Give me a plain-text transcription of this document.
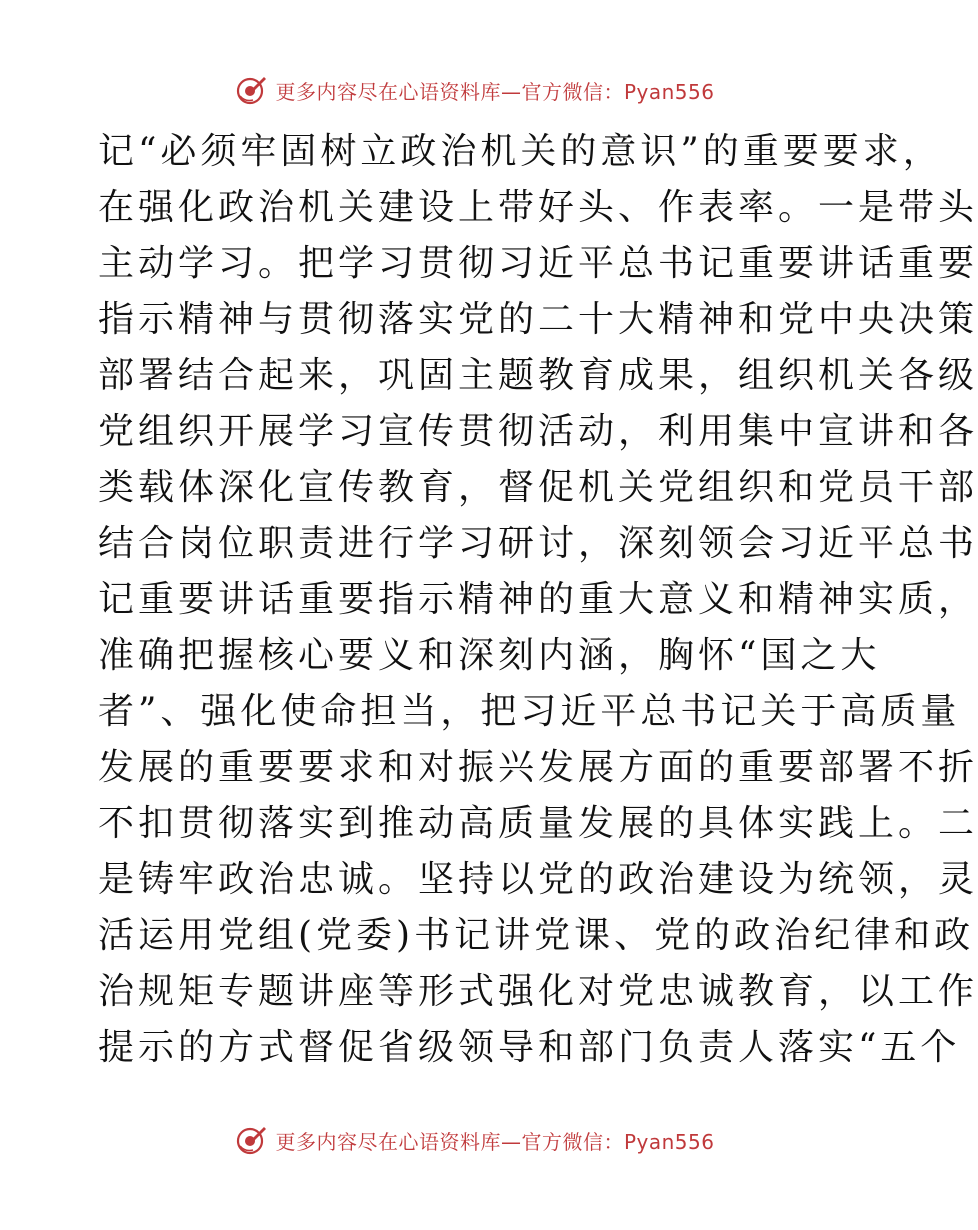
更多内容尽在心语资料库—官方微信：Pyan556
记“必须牢固树立政治机关的意识”的重要要求，
在强化政治机关建设上带好头、作表率。一是带头
主动学习。把学习贯彻习近平总书记重要讲话重要
指示精神与贯彻落实党的二十大精神和党中央决策
部署结合起来，巩固主题教育成果，组织机关各级
党组织开展学习宣传贯彻活动，利用集中宣讲和各
类载体深化宣传教育，督促机关党组织和党员干部
结合岗位职责进行学习研讨，深刻领会习近平总书
记重要讲话重要指示精神的重大意义和精神实质，
准确把握核心要义和深刻内涵，胸怀“国之大
者”、强化使命担当，把习近平总书记关于高质量
发展的重要要求和对振兴发展方面的重要部署不折
不扣贯彻落实到推动高质量发展的具体实践上。二
是铸牢政治忠诚。坚持以党的政治建设为统领，灵
活运用党组(党委)书记讲党课、党的政治纪律和政
治规矩专题讲座等形式强化对党忠诚教育，以工作
提示的方式督促省级领导和部门负责人落实“五个
更多内容尽在心语资料库—官方微信：Pyan556
